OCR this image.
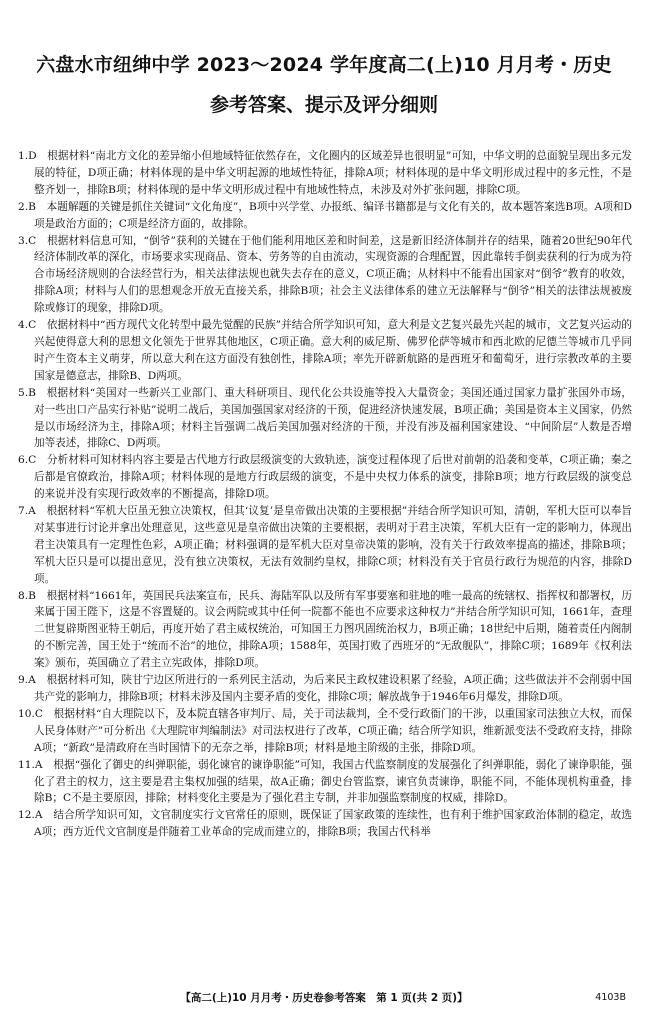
六盘水市纽绅中学 2023～2024 学年度高二(上)10 月月考・历史
参考答案、提示及评分细则

1.D　根据材料“南北方文化的差异缩小但地域特征依然存在，文化圈内的区域差异也很明显”可知，中华文明的总面貌呈现出多元发展的特征，D项正确；材料体现的是中华文明起源的地域性特征，排除A项；材料体现的是中华文明形成过程中的多元性，不是整齐划一，排除B项；材料体现的是中华文明形成过程中有地域性特点，未涉及对外扩张问题，排除C项。

2.B　本题解题的关键是抓住关键词“文化角度”，B项中兴学堂、办报纸、编译书籍都是与文化有关的，故本题答案选B项。A项和D项是政治方面的；C项是经济方面的，故排除。

3.C　根据材料信息可知，“倒爷”获利的关键在于他们能利用地区差和时间差，这是新旧经济体制并存的结果，随着20世纪90年代经济体制改革的深化，市场要求实现商品、资本、劳务等的自由流动，实现资源的合理配置，因此靠转手倒卖获利的行为成为符合市场经济规则的合法经营行为，相关法律法规也就失去存在的意义，C项正确；从材料中不能看出国家对“倒爷”教育的收效，排除A项；材料与人们的思想观念开放无直接关系，排除B项；社会主义法律体系的建立无法解释与“倒爷”相关的法律法规被废除或修订的现象，排除D项。

4.C　依据材料中“西方现代文化转型中最先觉醒的民族”并结合所学知识可知，意大利是文艺复兴最先兴起的城市，文艺复兴运动的兴起使得意大利的思想文化领先于世界其他地区，C项正确。意大利的威尼斯、佛罗伦萨等城市和西北欧的尼德兰等城市几乎同时产生资本主义萌芽，所以意大利在这方面没有独创性，排除A项；率先开辟新航路的是西班牙和葡萄牙，进行宗教改革的主要国家是德意志，排除B、D两项。

5.B　根据材料“美国对一些新兴工业部门、重大科研项目、现代化公共设施等投入大量资金；美国还通过国家力量扩张国外市场，对一些出口产品实行补贴”说明二战后，美国加强国家对经济的干预，促进经济快速发展，B项正确；美国是资本主义国家，仍然是以市场经济为主，排除A项；材料主旨强调二战后美国加强对经济的干预，并没有涉及福利国家建设、“中间阶层”人数是否增加等表述，排除C、D两项。

6.C　分析材料可知材料内容主要是古代地方行政层级演变的大致轨迹，演变过程体现了后世对前朝的沿袭和变革，C项正确；秦之后都是官僚政治，排除A项；材料体现的是地方行政层级的演变，不是中央权力体系的演变，排除B项；地方行政层级的演变总的来说并没有实现行政效率的不断提高，排除D项。

7.A　根据材料“军机大臣虽无独立决策权，但其‘议复’是皇帝做出决策的主要根据”并结合所学知识可知，清朝，军机大臣可以奉旨对某事进行讨论并拿出处理意见，这些意见是皇帝做出决策的主要根据，表明对于君主决策，军机大臣有一定的影响力，体现出君主决策具有一定理性色彩，A项正确；材料强调的是军机大臣对皇帝决策的影响，没有关于行政效率提高的描述，排除B项；军机大臣只是可以提出意见，没有独立决策权，无法有效制约皇权，排除C项；材料没有关于官员行政行为规范的内容，排除D项。

8.B　根据材料“1661年，英国民兵法案宣布，民兵、海陆军队以及所有军事要塞和驻地的唯一最高的统辖权、指挥权和都署权，历来属于国王陛下，这是不容置疑的。议会两院或其中任何一院都不能也不应要求这种权力”并结合所学知识可知，1661年，查理二世复辟斯图亚特王朝后，再度开始了君主威权统治，可知国王力图巩固统治权力，B项正确；18世纪中后期，随着责任内阁制的不断完善，国王处于“统而不治”的地位，排除A项；1588年，英国打败了西班牙的“无敌舰队”，排除C项；1689年《权利法案》颁布，英国确立了君主立宪政体，排除D项。

9.A　根据材料可知，陕甘宁边区所进行的一系列民主活动，为后来民主政权建设积累了经验，A项正确；这些做法并不会削弱中国共产党的影响力，排除B项；材料未涉及国内主要矛盾的变化，排除C项；解放战争于1946年6月爆发，排除D项。

10.C　根据材料“自大理院以下，及本院直辖各审判厅、局，关于司法裁判，全不受行政衙门的干涉，以重国家司法独立大权，而保人民身体财产”可分析出《大理院审判编制法》对司法权进行了改革，C项正确；结合所学知识，维新派变法不受政府支持，排除A项；“新政”是清政府在当时国情下的无奈之举，排除B项；材料是地主阶级的主张，排除D项。

11.A　根据“强化了御史的纠弹职能，弱化谏官的谏诤职能”可知，我国古代监察制度的发展强化了纠弹职能，弱化了谏诤职能，强化了君主的权力，这主要是君主集权加强的结果，故A正确；御史台管监察，谏官负责谏诤，职能不同，不能体现机构重叠，排除B；C不是主要原因，排除；材料变化主要是为了强化君主专制，并非加强监察制度的权威，排除D。

12.A　结合所学知识可知，文官制度实行文官常任的原则，既保证了国家政策的连续性，也有利于维护国家政治体制的稳定，故选A项；西方近代文官制度是伴随着工业革命的完成而建立的，排除B项；我国古代科举

【高二(上)10 月月考・历史卷参考答案　第 1 页(共 2 页)】	4103B
